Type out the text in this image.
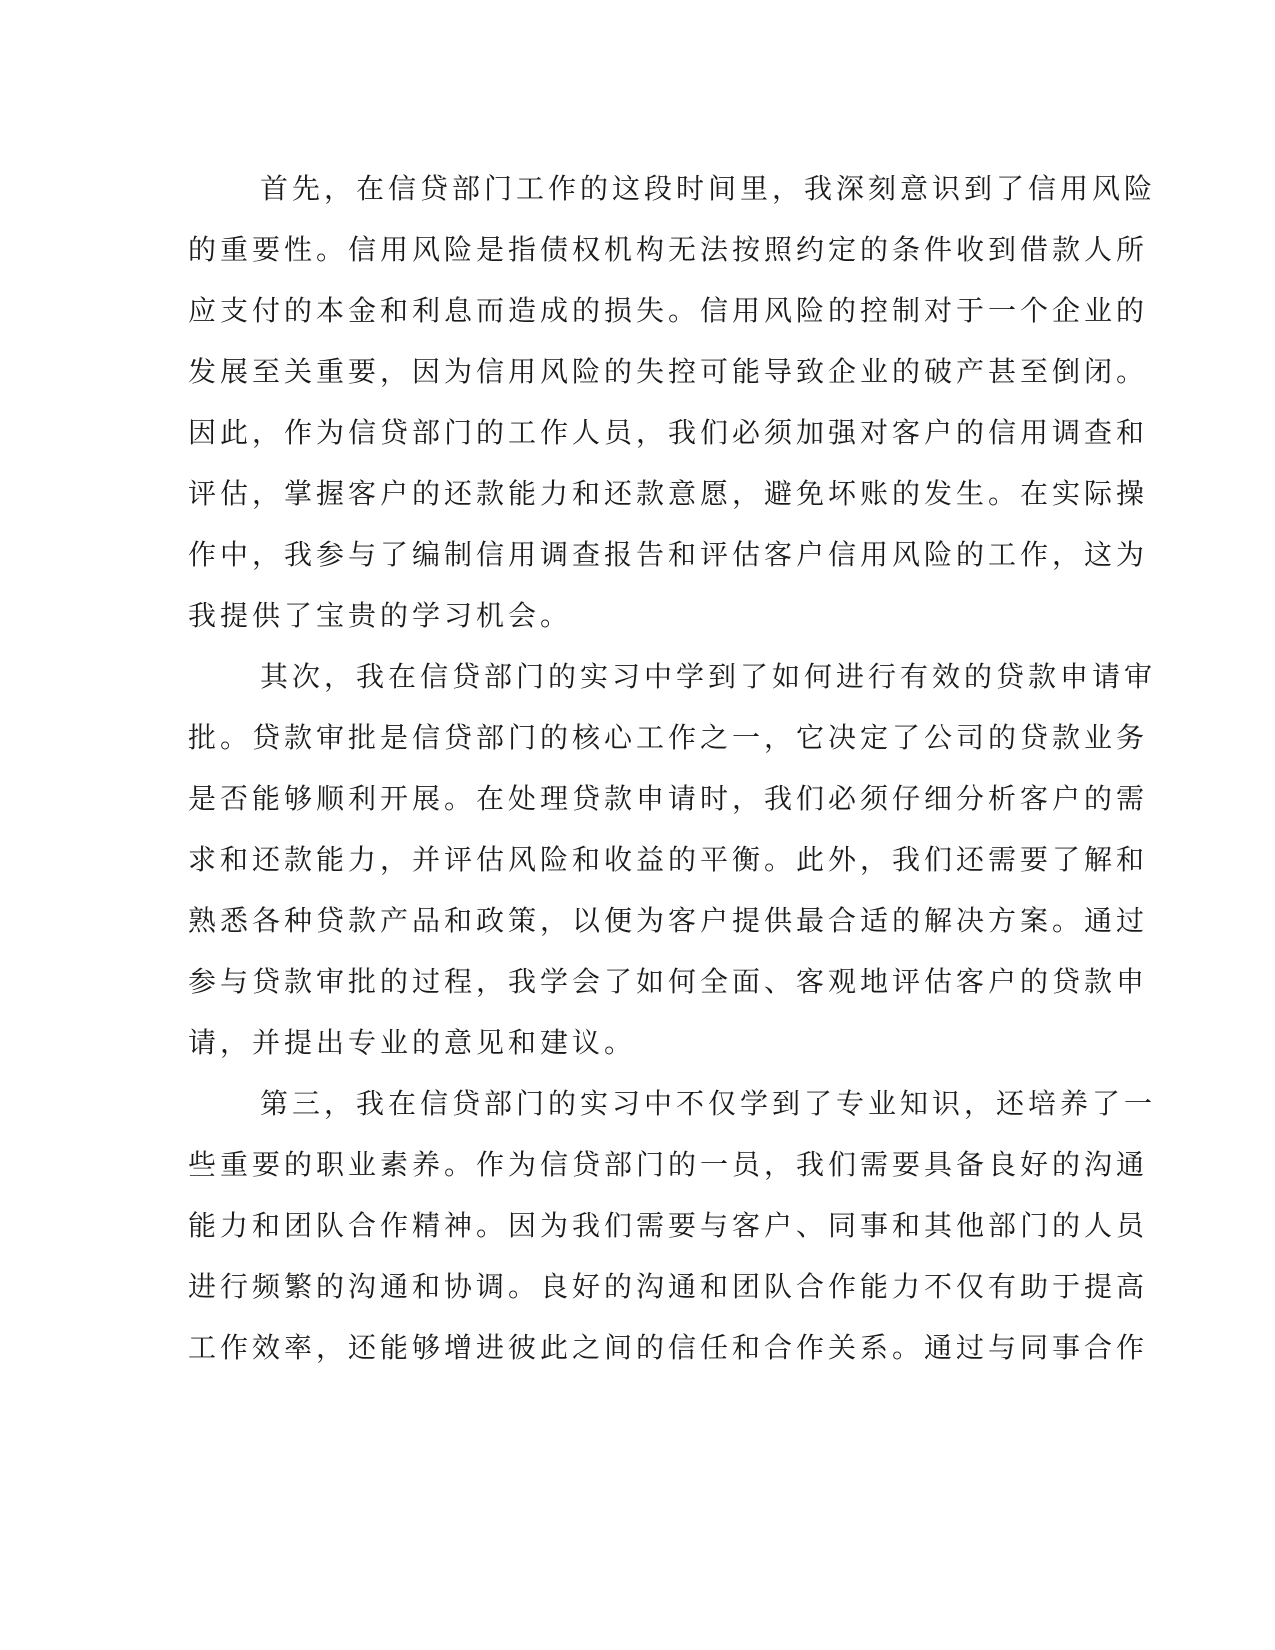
首先，在信贷部门工作的这段时间里，我深刻意识到了信用风险
的重要性。信用风险是指债权机构无法按照约定的条件收到借款人所
应支付的本金和利息而造成的损失。信用风险的控制对于一个企业的
发展至关重要，因为信用风险的失控可能导致企业的破产甚至倒闭。
因此，作为信贷部门的工作人员，我们必须加强对客户的信用调查和
评估，掌握客户的还款能力和还款意愿，避免坏账的发生。在实际操
作中，我参与了编制信用调查报告和评估客户信用风险的工作，这为
我提供了宝贵的学习机会。
其次，我在信贷部门的实习中学到了如何进行有效的贷款申请审
批。贷款审批是信贷部门的核心工作之一，它决定了公司的贷款业务
是否能够顺利开展。在处理贷款申请时，我们必须仔细分析客户的需
求和还款能力，并评估风险和收益的平衡。此外，我们还需要了解和
熟悉各种贷款产品和政策，以便为客户提供最合适的解决方案。通过
参与贷款审批的过程，我学会了如何全面、客观地评估客户的贷款申
请，并提出专业的意见和建议。
第三，我在信贷部门的实习中不仅学到了专业知识，还培养了一
些重要的职业素养。作为信贷部门的一员，我们需要具备良好的沟通
能力和团队合作精神。因为我们需要与客户、同事和其他部门的人员
进行频繁的沟通和协调。良好的沟通和团队合作能力不仅有助于提高
工作效率，还能够增进彼此之间的信任和合作关系。通过与同事合作
